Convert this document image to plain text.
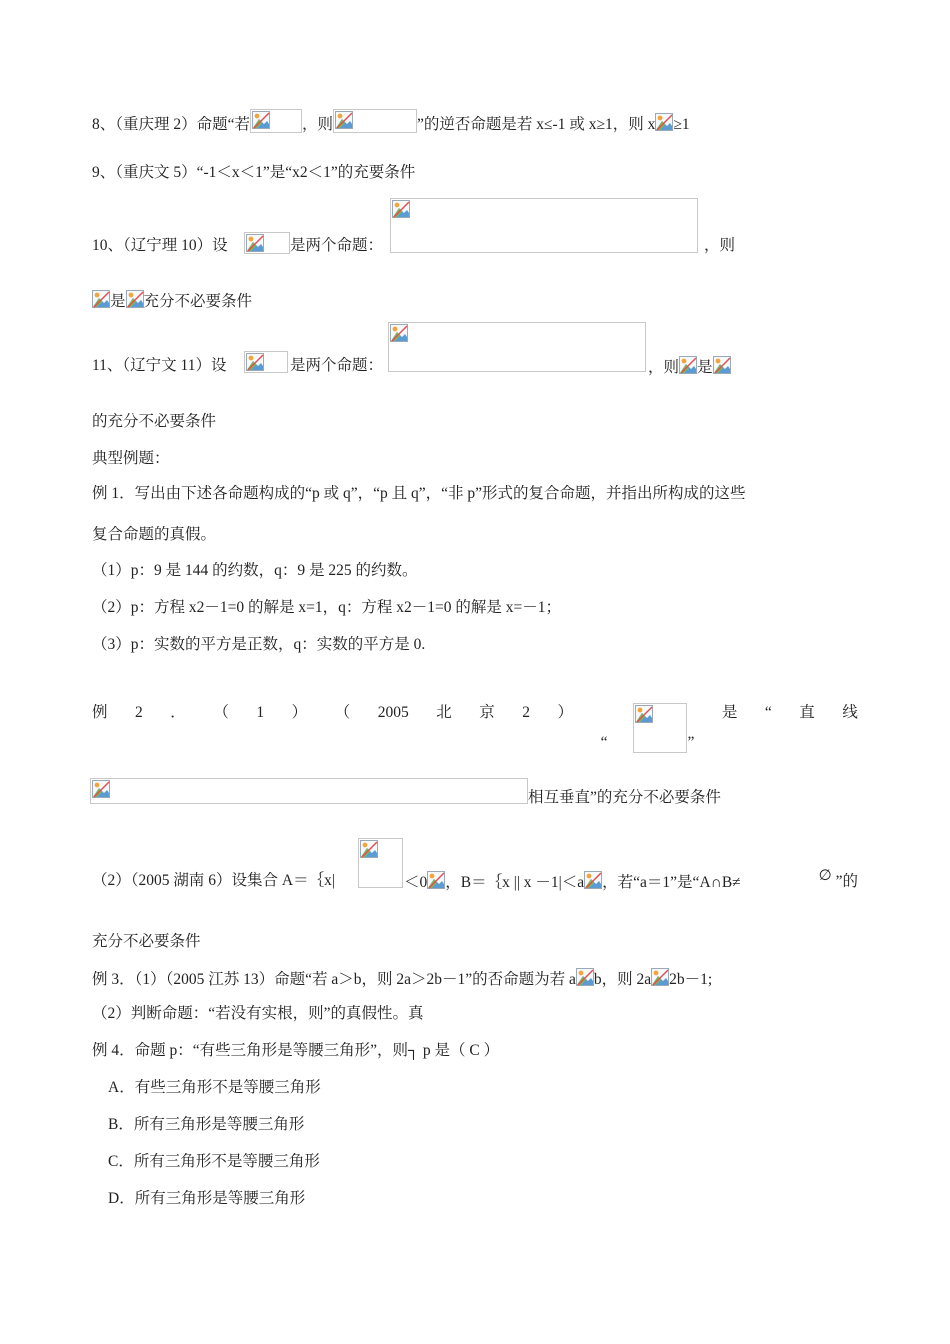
8、（重庆理 2）命题“若	，则	”的逆否命题是若 x≤-1 或 x≥1，则 x ≥1
9、（重庆文 5）“-1＜x＜1”是“x2＜1”的充要条件
10、（辽宁理 10）设	是两个命题：	，则
是 充分不必要条件
11、（辽宁文 11）设	是两个命题：	，则 是
的充分不必要条件
典型例题：
例 1．写出由下述各命题构成的“p 或 q”，“p 且 q”，“非 p”形式的复合命题，并指出所构成的这些
复合命题的真假。
（1）p：9 是 144 的约数，q：9 是 225 的约数。
（2）p：方程 x2－1=0 的解是 x=1，q：方程 x2－1=0 的解是 x=－1；
（3）p：实数的平方是正数，q：实数的平方是 0.
例 2 ． （ 1 ） （ 2005 北 京 2 ）
“	”
是 “ 直 线
相互垂直”的充分不必要条件
（2）（2005 湖南 6）设集合 A＝｛x|	＜0 ，B＝｛x || x －1|＜a ，若“a＝1”是“A∩B≠	∅ ”的
充分不必要条件
例 3．（1）（2005 江苏 13）命题“若 a＞b，则 2a＞2b－1”的否命题为若 a b，则 2a 2b－1;
（2）判断命题：“若没有实根，则”的真假性。真
例 4．命题 p：“有些三角形是等腰三角形”，则┐ p 是（ C ）
A．有些三角形不是等腰三角形
B．所有三角形是等腰三角形
C．所有三角形不是等腰三角形
D．所有三角形是等腰三角形
